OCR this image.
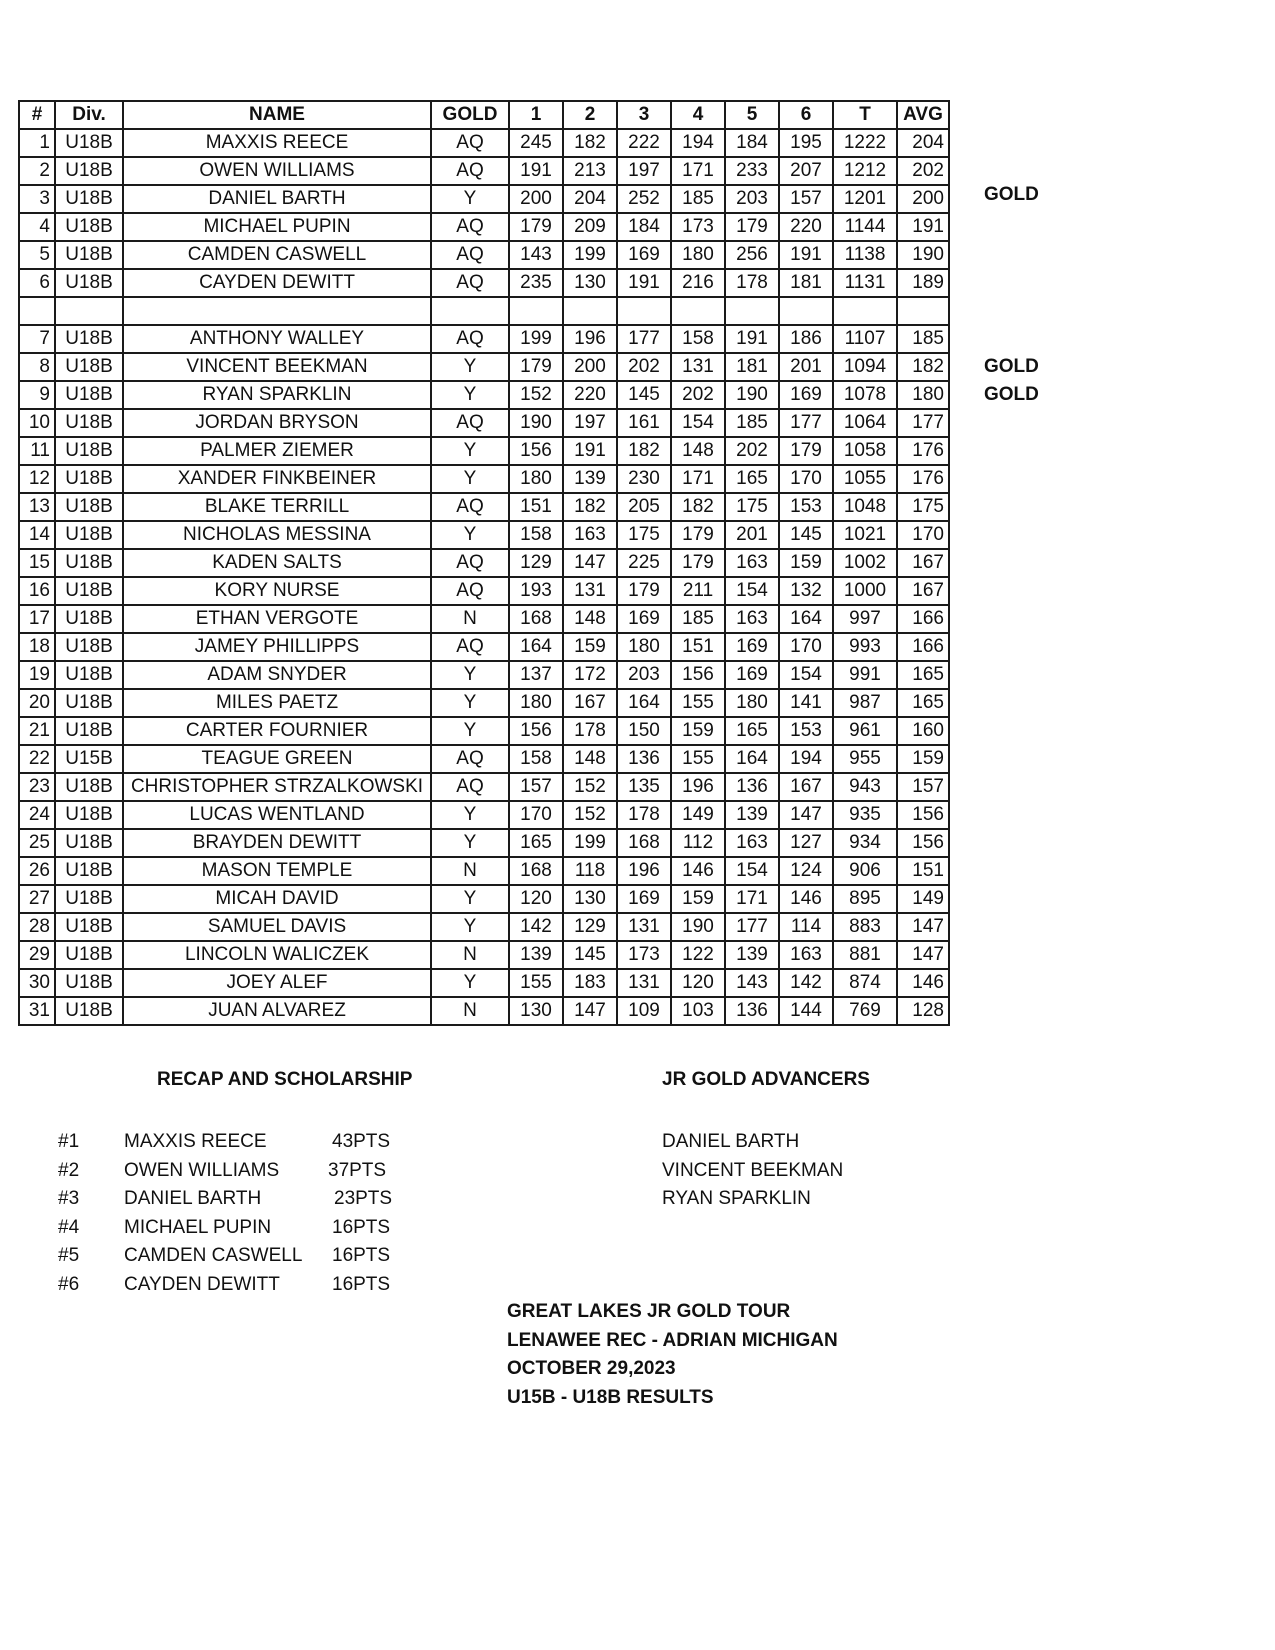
#	Div.	NAME	GOLD	1	2	3	4	5	6	T	AVG
1	U18B	MAXXIS REECE	AQ	245	182	222	194	184	195	1222	204
2	U18B	OWEN WILLIAMS	AQ	191	213	197	171	233	207	1212	202
3	U18B	DANIEL BARTH	Y	200	204	252	185	203	157	1201	200
4	U18B	MICHAEL PUPIN	AQ	179	209	184	173	179	220	1144	191
5	U18B	CAMDEN CASWELL	AQ	143	199	169	180	256	191	1138	190
6	U18B	CAYDEN DEWITT	AQ	235	130	191	216	178	181	1131	189

7	U18B	ANTHONY WALLEY	AQ	199	196	177	158	191	186	1107	185
8	U18B	VINCENT BEEKMAN	Y	179	200	202	131	181	201	1094	182
9	U18B	RYAN SPARKLIN	Y	152	220	145	202	190	169	1078	180
10	U18B	JORDAN BRYSON	AQ	190	197	161	154	185	177	1064	177
11	U18B	PALMER ZIEMER	Y	156	191	182	148	202	179	1058	176
12	U18B	XANDER FINKBEINER	Y	180	139	230	171	165	170	1055	176
13	U18B	BLAKE TERRILL	AQ	151	182	205	182	175	153	1048	175
14	U18B	NICHOLAS MESSINA	Y	158	163	175	179	201	145	1021	170
15	U18B	KADEN SALTS	AQ	129	147	225	179	163	159	1002	167
16	U18B	KORY NURSE	AQ	193	131	179	211	154	132	1000	167
17	U18B	ETHAN VERGOTE	N	168	148	169	185	163	164	997	166
18	U18B	JAMEY PHILLIPPS	AQ	164	159	180	151	169	170	993	166
19	U18B	ADAM SNYDER	Y	137	172	203	156	169	154	991	165
20	U18B	MILES PAETZ	Y	180	167	164	155	180	141	987	165
21	U18B	CARTER FOURNIER	Y	156	178	150	159	165	153	961	160
22	U15B	TEAGUE GREEN	AQ	158	148	136	155	164	194	955	159
23	U18B	CHRISTOPHER STRZALKOWSKI	AQ	157	152	135	196	136	167	943	157
24	U18B	LUCAS WENTLAND	Y	170	152	178	149	139	147	935	156
25	U18B	BRAYDEN DEWITT	Y	165	199	168	112	163	127	934	156
26	U18B	MASON TEMPLE	N	168	118	196	146	154	124	906	151
27	U18B	MICAH DAVID	Y	120	130	169	159	171	146	895	149
28	U18B	SAMUEL DAVIS	Y	142	129	131	190	177	114	883	147
29	U18B	LINCOLN WALICZEK	N	139	145	173	122	139	163	881	147
30	U18B	JOEY ALEF	Y	155	183	131	120	143	142	874	146
31	U18B	JUAN ALVAREZ	N	130	147	109	103	136	144	769	128
GOLD
GOLD
GOLD
RECAP AND SCHOLARSHIP
#1 MAXXIS REECE	43PTS
#2 OWEN WILLIAMS	37PTS
#3 DANIEL BARTH	23PTS
#4 MICHAEL PUPIN	16PTS
#5 CAMDEN CASWELL 16PTS
#6 CAYDEN DEWITT	16PTS
JR GOLD ADVANCERS
DANIEL BARTH
VINCENT BEEKMAN
RYAN SPARKLIN
GREAT LAKES JR GOLD TOUR
LENAWEE REC - ADRIAN MICHIGAN
OCTOBER 29,2023
U15B - U18B RESULTS
